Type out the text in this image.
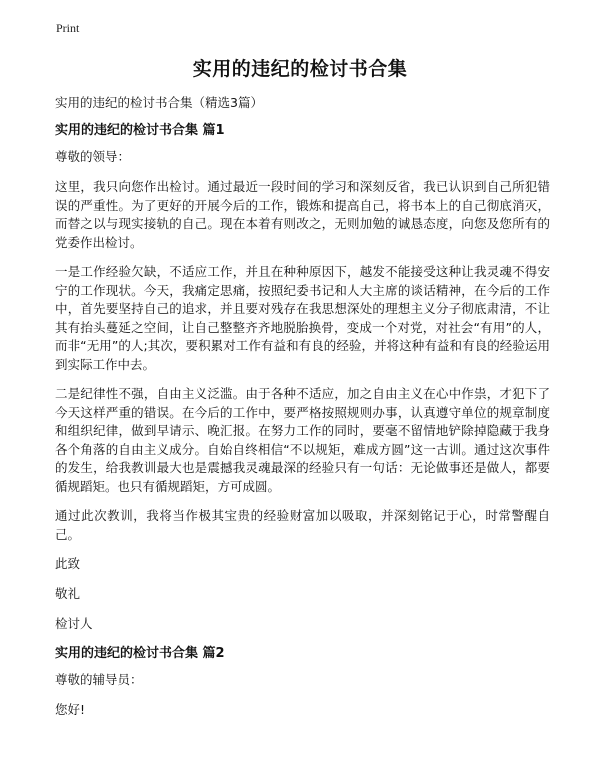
Print
实用的违纪的检讨书合集

实用的违纪的检讨书合集（精选3篇）

实用的违纪的检讨书合集 篇1

尊敬的领导：

这里，我只向您作出检讨。通过最近一段时间的学习和深刻反省，我已认识到自己所犯错误的严重性。为了更好的开展今后的工作，锻炼和提高自己，将书本上的自己彻底消灭，而替之以与现实接轨的自己。现在本着有则改之，无则加勉的诚恳态度，向您及您所有的党委作出检讨。

一是工作经验欠缺，不适应工作，并且在种种原因下，越发不能接受这种让我灵魂不得安宁的工作现状。今天，我痛定思痛，按照纪委书记和人大主席的谈话精神，在今后的工作中，首先要坚持自己的追求，并且要对残存在我思想深处的理想主义分子彻底肃清，不让其有抬头蔓延之空间，让自己整整齐齐地脱胎换骨，变成一个对党，对社会“有用”的人，而非“无用”的人;其次，要积累对工作有益和有良的经验，并将这种有益和有良的经验运用到实际工作中去。

二是纪律性不强，自由主义泛滥。由于各种不适应，加之自由主义在心中作祟，才犯下了今天这样严重的错误。在今后的工作中，要严格按照规则办事，认真遵守单位的规章制度和组织纪律，做到早请示、晚汇报。在努力工作的同时，要毫不留情地铲除掉隐藏于我身各个角落的自由主义成分。自始自终相信“不以规矩，难成方圆”这一古训。通过这次事件的发生，给我教训最大也是震撼我灵魂最深的经验只有一句话：无论做事还是做人，都要循规蹈矩。也只有循规蹈矩，方可成圆。

通过此次教训，我将当作极其宝贵的经验财富加以吸取，并深刻铭记于心，时常警醒自己。

此致

敬礼

检讨人

实用的违纪的检讨书合集 篇2

尊敬的辅导员：

您好!
